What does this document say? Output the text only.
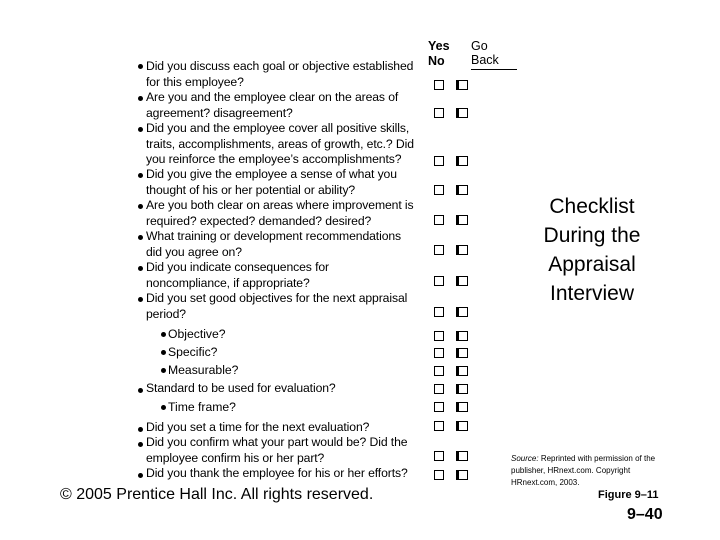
Yes
No
Go Back
Did you discuss each goal or objective established for this employee?
Are you and the employee clear on the areas of agreement? disagreement?
Did you and the employee cover all positive skills, traits, accomplishments, areas of growth, etc.? Did you reinforce the employee’s accomplishments?
Did you give the employee a sense of what you thought of his or her potential or ability?
Are you both clear on areas where improvement is required? expected? demanded? desired?
What training or development recommendations did you agree on?
Did you indicate consequences for noncompliance, if appropriate?
Did you set good objectives for the next appraisal period?
Objective?
Specific?
Measurable?
Standard to be used for evaluation?
Time frame?
Did you set a time for the next evaluation?
Did you confirm what your part would be? Did the employee confirm his or her part?
Did you thank the employee for his or her efforts?
Checklist During the Appraisal Interview
Source: Reprinted with permission of the publisher, HRnext.com. Copyright HRnext.com, 2003.
© 2005 Prentice Hall Inc. All rights reserved.	Figure 9–11
9–40
